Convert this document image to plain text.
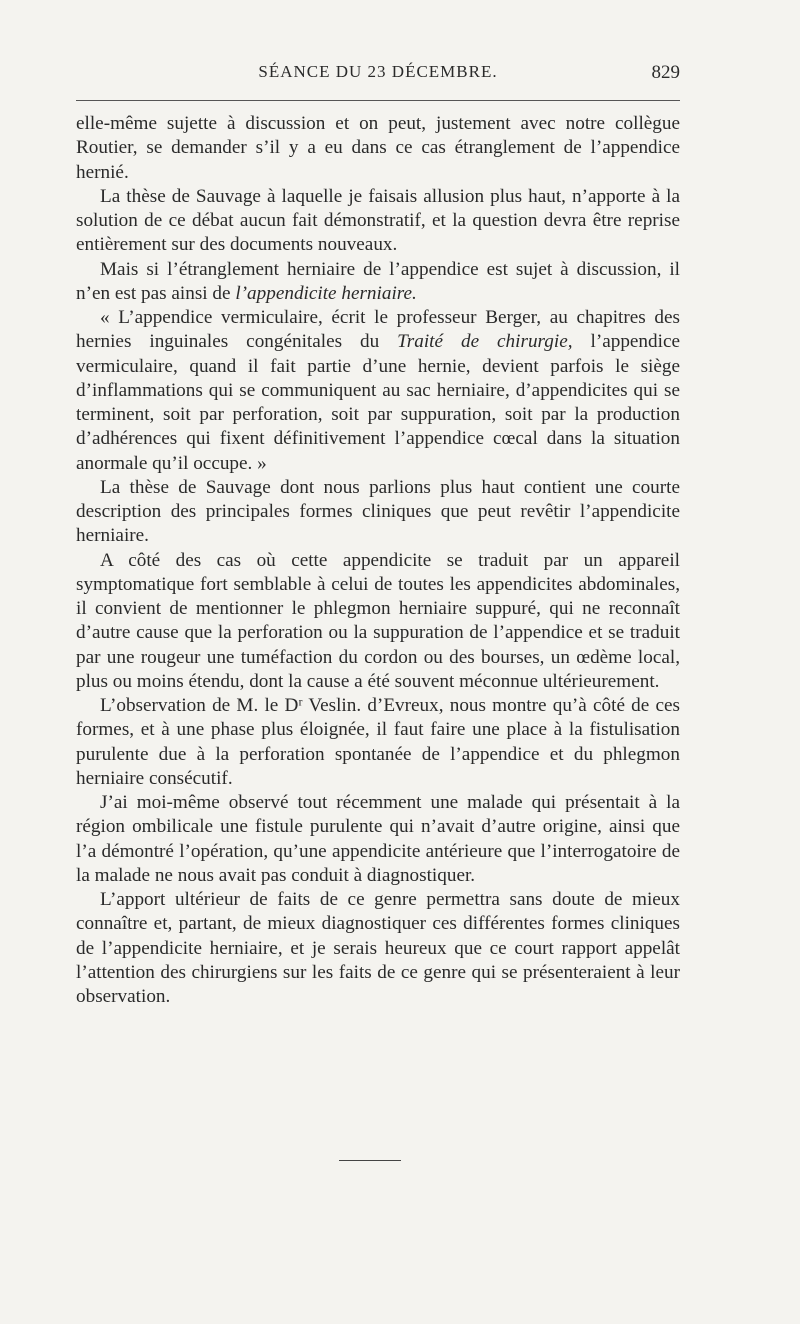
SÉANCE DU 23 DÉCEMBRE.	829

elle-même sujette à discussion et on peut, justement avec notre collègue Routier, se demander s’il y a eu dans ce cas étranglement de l’appendice hernié.

La thèse de Sauvage à laquelle je faisais allusion plus haut, n’apporte à la solution de ce débat aucun fait démonstratif, et la question devra être reprise entièrement sur des documents nouveaux.

Mais si l’étranglement herniaire de l’appendice est sujet à discussion, il n’en est pas ainsi de l’appendicite herniaire.

« L’appendice vermiculaire, écrit le professeur Berger, au chapitres des hernies inguinales congénitales du Traité de chirurgie, l’appendice vermiculaire, quand il fait partie d’une hernie, devient parfois le siège d’inflammations qui se communiquent au sac herniaire, d’appendicites qui se terminent, soit par perforation, soit par suppuration, soit par la production d’adhérences qui fixent définitivement l’appendice cœcal dans la situation anormale qu’il occupe. »

La thèse de Sauvage dont nous parlions plus haut contient une courte description des principales formes cliniques que peut revêtir l’appendicite herniaire.

A côté des cas où cette appendicite se traduit par un appareil symptomatique fort semblable à celui de toutes les appendicites abdominales, il convient de mentionner le phlegmon herniaire suppuré, qui ne reconnaît d’autre cause que la perforation ou la suppuration de l’appendice et se traduit par une rougeur une tuméfaction du cordon ou des bourses, un œdème local, plus ou moins étendu, dont la cause a été souvent méconnue ultérieurement.

L’observation de M. le Dʳ Veslin. d’Evreux, nous montre qu’à côté de ces formes, et à une phase plus éloignée, il faut faire une place à la fistulisation purulente due à la perforation spontanée de l’appendice et du phlegmon herniaire consécutif.

J’ai moi-même observé tout récemment une malade qui présentait à la région ombilicale une fistule purulente qui n’avait d’autre origine, ainsi que l’a démontré l’opération, qu’une appendicite antérieure que l’interrogatoire de la malade ne nous avait pas conduit à diagnostiquer.

L’apport ultérieur de faits de ce genre permettra sans doute de mieux connaître et, partant, de mieux diagnostiquer ces différentes formes cliniques de l’appendicite herniaire, et je serais heureux que ce court rapport appelât l’attention des chirurgiens sur les faits de ce genre qui se présenteraient à leur observation.
